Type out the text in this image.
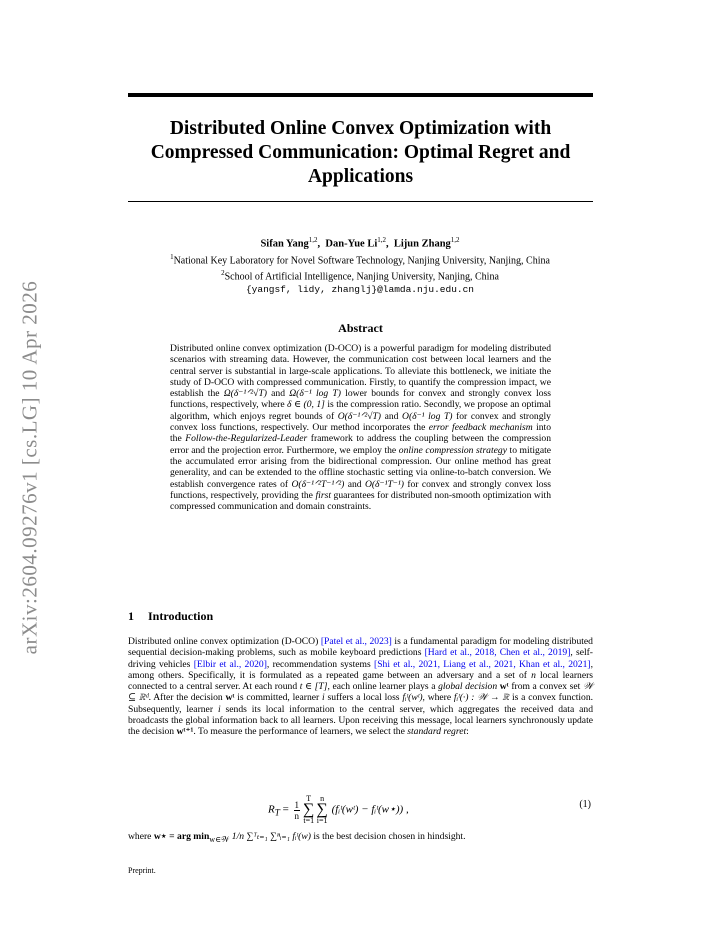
arXiv:2604.09276v1 [cs.LG] 10 Apr 2026
Distributed Online Convex Optimization with
Compressed Communication: Optimal Regret and
Applications
Sifan Yang$^{1,2}$,  Dan-Yue Li$^{1,2}$,  Lijun Zhang$^{1,2}$
$^1$National Key Laboratory for Novel Software Technology, Nanjing University, Nanjing, China
$^2$School of Artificial Intelligence, Nanjing University, Nanjing, China
{yangsf, lidy, zhanglj}@lamda.nju.edu.cn
Abstract
Distributed online convex optimization (D-OCO) is a powerful paradigm for modeling distributed scenarios with streaming data. However, the communication cost between local learners and the central server is substantial in large-scale applications. To alleviate this bottleneck, we initiate the study of D-OCO with compressed communication. Firstly, to quantify the compression impact, we establish the Ω(δ⁻¹ᐟ²√T) and Ω(δ⁻¹ log T) lower bounds for convex and strongly convex loss functions, respectively, where δ ∈ (0, 1] is the compression ratio. Secondly, we propose an optimal algorithm, which enjoys regret bounds of O(δ⁻¹ᐟ²√T) and O(δ⁻¹ log T) for convex and strongly convex loss functions, respectively. Our method incorporates the error feedback mechanism into the Follow-the-Regularized-Leader framework to address the coupling between the compression error and the projection error. Furthermore, we employ the online compression strategy to mitigate the accumulated error arising from the bidirectional compression. Our online method has great generality, and can be extended to the offline stochastic setting via online-to-batch conversion. We establish convergence rates of O(δ⁻¹ᐟ²T⁻¹ᐟ²) and O(δ⁻¹T⁻¹) for convex and strongly convex loss functions, respectively, providing the first guarantees for distributed non-smooth optimization with compressed communication and domain constraints.
1 Introduction
Distributed online convex optimization (D-OCO) [Patel et al., 2023] is a fundamental paradigm for modeling distributed sequential decision-making problems, such as mobile keyboard predictions [Hard et al., 2018, Chen et al., 2019], self-driving vehicles [Elbir et al., 2020], recommendation systems [Shi et al., 2021, Liang et al., 2021, Khan et al., 2021], among others. Specifically, it is formulated as a repeated game between an adversary and a set of n local learners connected to a central server. At each round t ∈ [T], each online learner plays a global decision wᵗ from a convex set 𝒲 ⊆ ℝᵈ. After the decision wᵗ is committed, learner i suffers a local loss fᵢᵗ(wᵗ), where fᵢᵗ(·) : 𝒲 → ℝ is a convex function. Subsequently, learner i sends its local information to the central server, which aggregates the received data and broadcasts the global information back to all learners. Upon receiving this message, local learners synchronously update the decision wᵗ⁺¹. To measure the performance of learners, we select the standard regret:
$R_T = \frac{1}{n}$
T
∑
t=1n
∑
i=1 (fᵢᵗ(wᵗ) − fᵢᵗ(w⋆)) ,	(1)
where w⋆ = arg $\min_{w\in 𝒲} 1/n$ ∑ᵀₜ₌₁ ∑ⁿᵢ₌₁ fᵢᵗ(w) is the best decision chosen in hindsight.
Preprint.
